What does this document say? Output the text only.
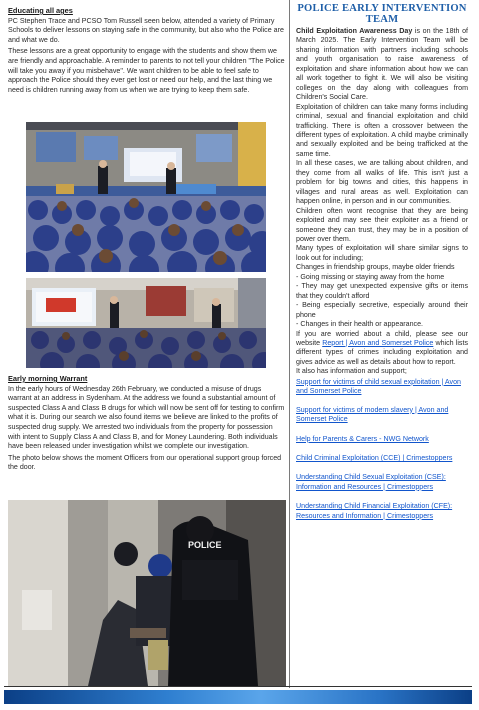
Educating all ages

PC Stephen Trace and PCSO Tom Russell seen below, attended a variety of Primary Schools to deliver lessons on staying safe in the community, but also who the Police are and what we do.

These lessons are a great opportunity to engage with the students and show them we are friendly and approachable. A reminder to parents to not tell your children "The Police will take you away if you misbehave". We want children to be able to feel safe to approach the Police should they ever get lost or need our help, and the last thing we need is children running away from us when we are trying to keep them safe.

Early morning Warrant

In the early hours of Wednesday 26th February, we conducted a misuse of drugs warrant at an address in Sydenham. At the address we found a substantial amount of suspected Class A and Class B drugs for which will now be sent off for testing to confirm what it is. During our search we also found items we believe are linked to the profits of suspected drug supply. We arrested two individuals from the property for possession with intent to Supply Class A and Class B, and for Money Laundering. Both individuals have been released under investigation whilst we complete our investigation.

The photo below shows the moment Officers from our operational support group forced the door.

POLICE
POLICE EARLY INTERVENTION TEAM

Child Exploitation Awareness Day is on the 18th of March 2025. The Early Intervention Team will be sharing information with partners including schools and youth organisation to raise awareness of exploitation and share information about how we can all work together to fight it. We will also be visiting colleges on the day along with colleagues from Children's Social Care.

Exploitation of children can take many forms including criminal, sexual and financial exploitation and child trafficking. There is often a crossover between the different types of exploitation. A child maybe criminally and sexually exploited and be being trafficked at the same time.

In all these cases, we are talking about children, and they come from all walks of life. This isn't just a problem for big towns and cities, this happens in villages and rural areas as well. Exploitation can happen online, in person and in our communities.

Children often wont recognise that they are being exploited and may see their exploiter as a friend or someone they can trust, they may be in a position of power over them.

Many types of exploitation will share similar signs to look out for including;

Changes in friendship groups, maybe older friends

- Going missing or staying away from the home

- They may get unexpected expensive gifts or items that they couldn't afford

- Being especially secretive, especially around their phone

- Changes in their health or appearance.

If you are worried about a child, please see our website Report | Avon and Somerset Police which lists different types of crimes including exploitation and gives advice as well as details about how to report.

It also has information and support;

Support for victims of child sexual exploitation | Avon and Somerset Police
Support for victims of modern slavery | Avon and Somerset Police
Help for Parents & Carers - NWG Network
Child Criminal Exploitation (CCE) | Crimestoppers
Understanding Child Sexual Exploitation (CSE): Information and Resources | Crimestoppers
Understanding Child Financial Exploitation (CFE): Resources and Information | Crimestoppers
